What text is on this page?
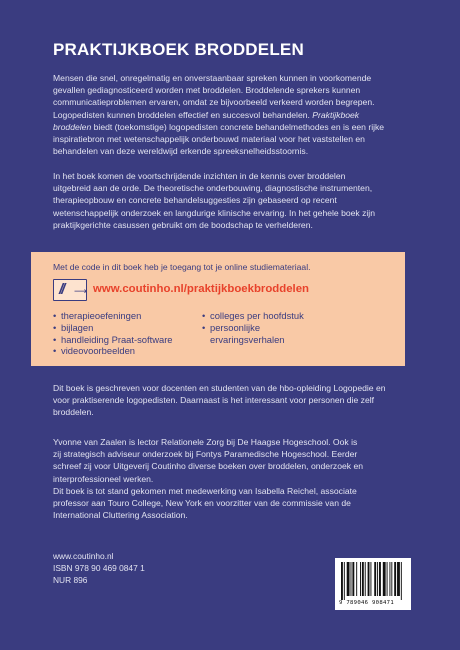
PRAKTIJKBOEK BRODDELEN
Mensen die snel, onregelmatig en onverstaanbaar spreken kunnen in voorkomende
gevallen gediagnosticeerd worden met broddelen. Broddelende sprekers kunnen
communicatieproblemen ervaren, omdat ze bijvoorbeeld verkeerd worden begrepen.
Logopedisten kunnen broddelen effectief en succesvol behandelen. Praktijkboek
broddelen biedt (toekomstige) logopedisten concrete behandelmethodes en is een rijke
inspiratiebron met wetenschappelijk onderbouwd materiaal voor het vaststellen en
behandelen van deze wereldwijd erkende spreeksnelheidsstoornis.
In het boek komen de voortschrijdende inzichten in de kennis over broddelen
uitgebreid aan de orde. De theoretische onderbouwing, diagnostische instrumenten,
therapieopbouw en concrete behandelsuggesties zijn gebaseerd op recent
wetenschappelijk onderzoek en langdurige klinische ervaring. In het gehele boek zijn
praktijkgerichte casussen gebruikt om de boodschap te verhelderen.
Met de code in dit boek heb je toegang tot je online studiemateriaal.
// ⟶ www.coutinho.nl/praktijkboekbroddelen
• therapieoefeningen
• bijlagen
• handleiding Praat-software
• videovoorbeelden
• colleges per hoofdstuk
• persoonlijke
ervaringsverhalen
Dit boek is geschreven voor docenten en studenten van de hbo-opleiding Logopedie en
voor praktiserende logopedisten. Daarnaast is het interessant voor personen die zelf
broddelen.
Yvonne van Zaalen is lector Relationele Zorg bij De Haagse Hogeschool. Ook is
zij strategisch adviseur onderzoek bij Fontys Paramedische Hogeschool. Eerder
schreef zij voor Uitgeverij Coutinho diverse boeken over broddelen, onderzoek en
interprofessioneel werken.
Dit boek is tot stand gekomen met medewerking van Isabella Reichel, associate
professor aan Touro College, New York en voorzitter van de commissie van de
International Cluttering Association.
www.coutinho.nl
ISBN 978 90 469 0847 1
NUR 896
9 789046 908471
